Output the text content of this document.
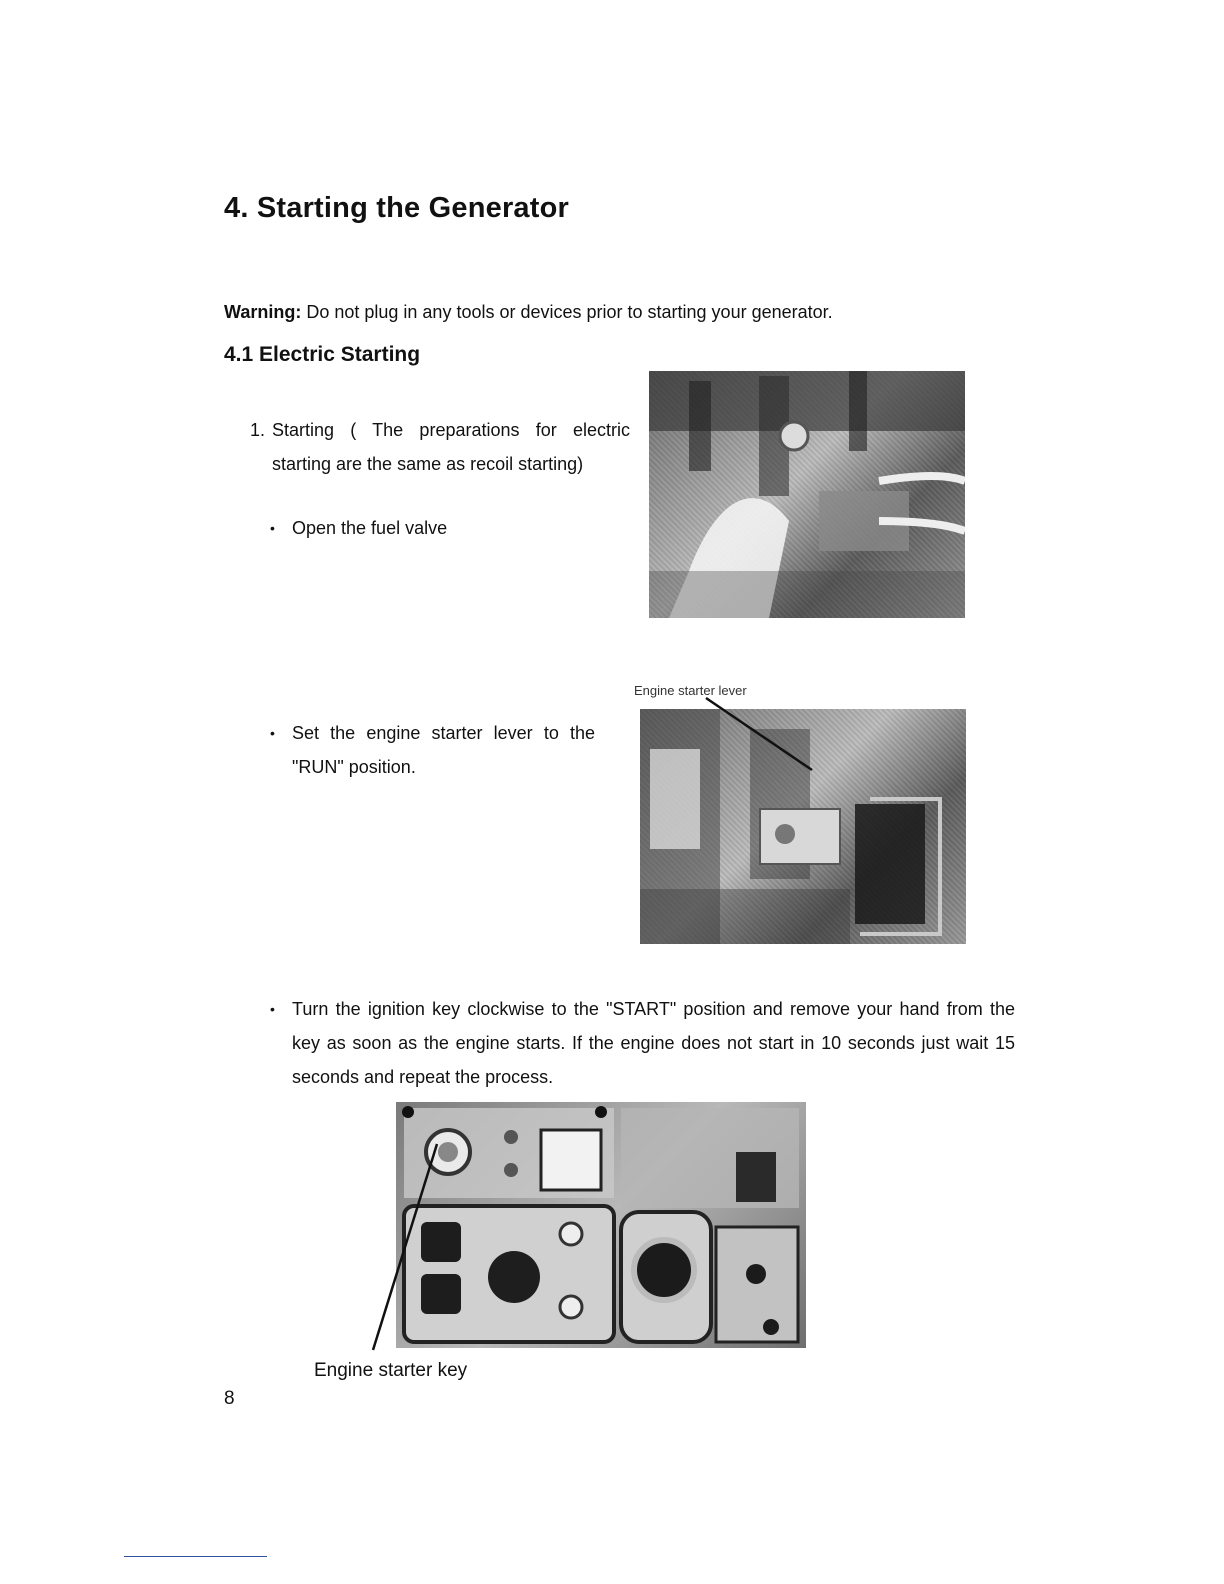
4. Starting the Generator
Warning: Do not plug in any tools or devices prior to starting your generator.
4.1 Electric Starting
1. Starting ( The preparations for electric starting are the same as recoil starting)
• Open the fuel valve
Engine starter lever
• Set the engine starter lever to the "RUN" position.
• Turn the ignition key clockwise to the "START" position and remove your hand from the key as soon as the engine starts. If the engine does not start in 10 seconds just wait 15 seconds and repeat the process.
Engine starter key
8
